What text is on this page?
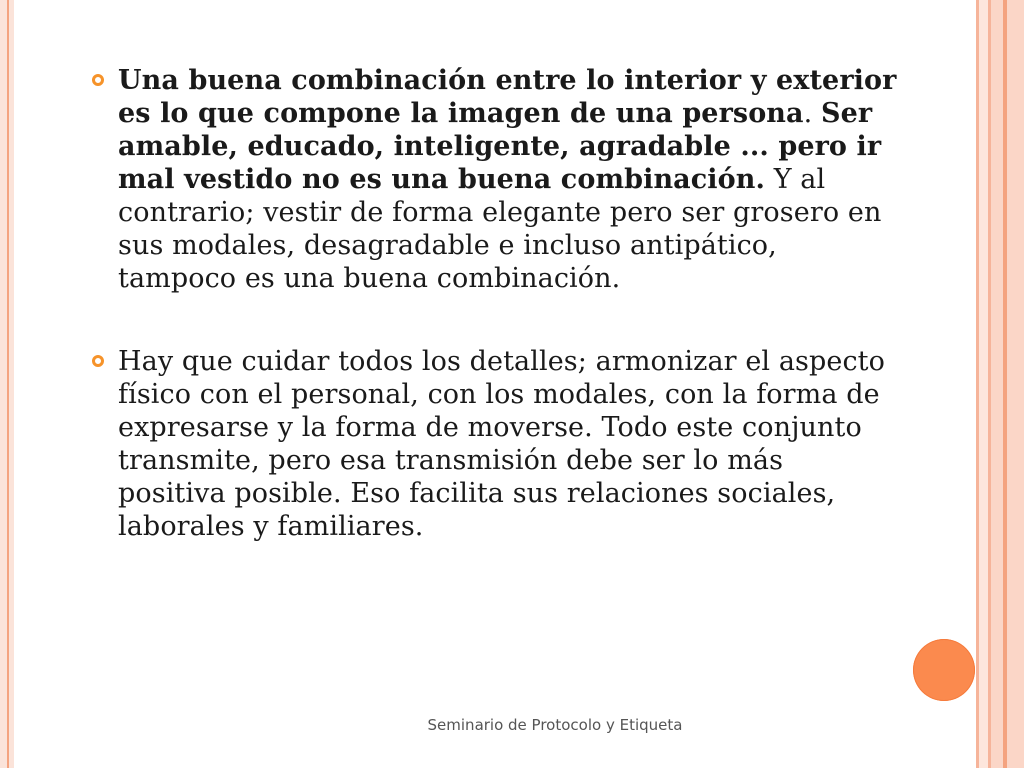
Una buena combinación entre lo interior y exterior es lo que compone la imagen de una persona. Ser amable, educado, inteligente, agradable ... pero ir mal vestido no es una buena combinación. Y al contrario; vestir de forma elegante pero ser grosero en sus modales, desagradable e incluso antipático, tampoco es una buena combinación.
Hay que cuidar todos los detalles; armonizar el aspecto físico con el personal, con los modales, con la forma de expresarse y la forma de moverse. Todo este conjunto transmite, pero esa transmisión debe ser lo más positiva posible. Eso facilita sus relaciones sociales, laborales y familiares.
Seminario de Protocolo y Etiqueta
